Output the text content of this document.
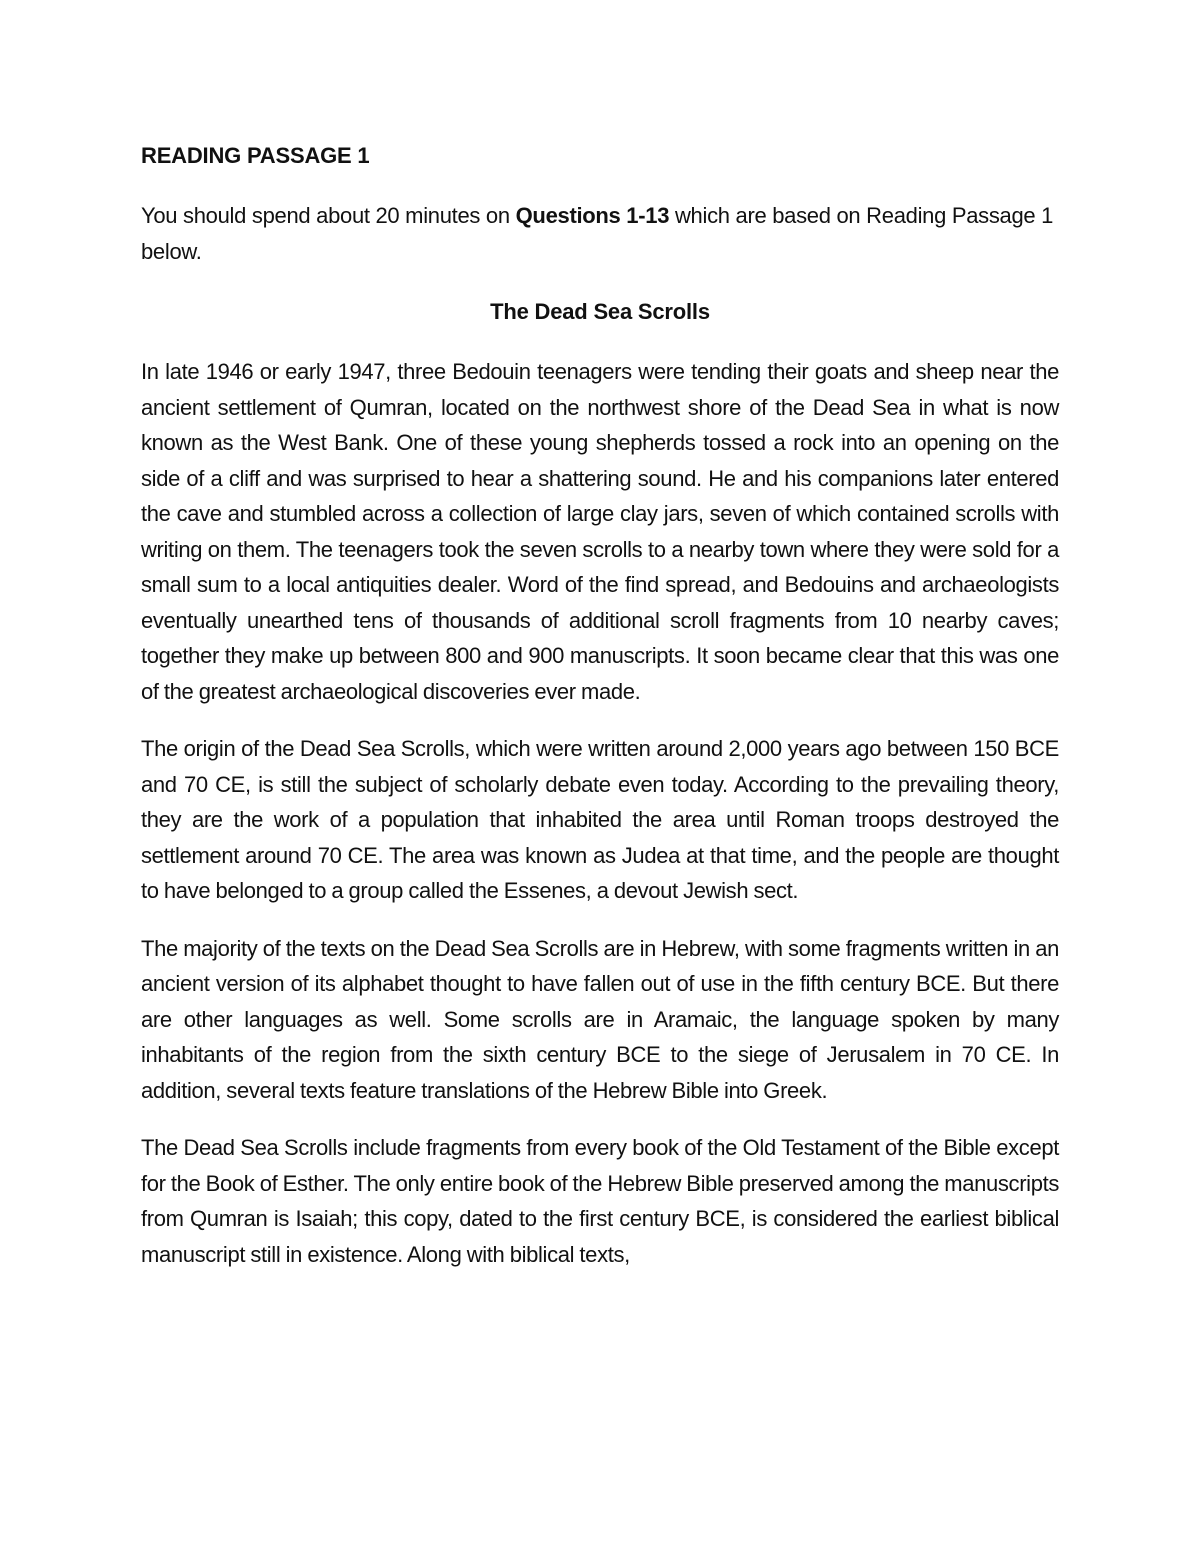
READING PASSAGE 1
You should spend about 20 minutes on Questions 1-13 which are based on Reading Passage 1 below.
The Dead Sea Scrolls

In late 1946 or early 1947, three Bedouin teenagers were tending their goats and sheep near the ancient settlement of Qumran, located on the northwest shore of the Dead Sea in what is now known as the West Bank. One of these young shepherds tossed a rock into an opening on the side of a cliff and was surprised to hear a shattering sound. He and his companions later entered the cave and stumbled across a collection of large clay jars, seven of which contained scrolls with writing on them. The teenagers took the seven scrolls to a nearby town where they were sold for a small sum to a local antiquities dealer. Word of the find spread, and Bedouins and archaeologists eventually unearthed tens of thousands of additional scroll fragments from 10 nearby caves; together they make up between 800 and 900 manuscripts. It soon became clear that this was one of the greatest archaeological discoveries ever made.

The origin of the Dead Sea Scrolls, which were written around 2,000 years ago between 150 BCE and 70 CE, is still the subject of scholarly debate even today. According to the prevailing theory, they are the work of a population that inhabited the area until Roman troops destroyed the settlement around 70 CE. The area was known as Judea at that time, and the people are thought to have belonged to a group called the Essenes, a devout Jewish sect.

The majority of the texts on the Dead Sea Scrolls are in Hebrew, with some fragments written in an ancient version of its alphabet thought to have fallen out of use in the fifth century BCE. But there are other languages as well. Some scrolls are in Aramaic, the language spoken by many inhabitants of the region from the sixth century BCE to the siege of Jerusalem in 70 CE. In addition, several texts feature translations of the Hebrew Bible into Greek.

The Dead Sea Scrolls include fragments from every book of the Old Testament of the Bible except for the Book of Esther. The only entire book of the Hebrew Bible preserved among the manuscripts from Qumran is Isaiah; this copy, dated to the first century BCE, is considered the earliest biblical manuscript still in existence. Along with biblical texts,
